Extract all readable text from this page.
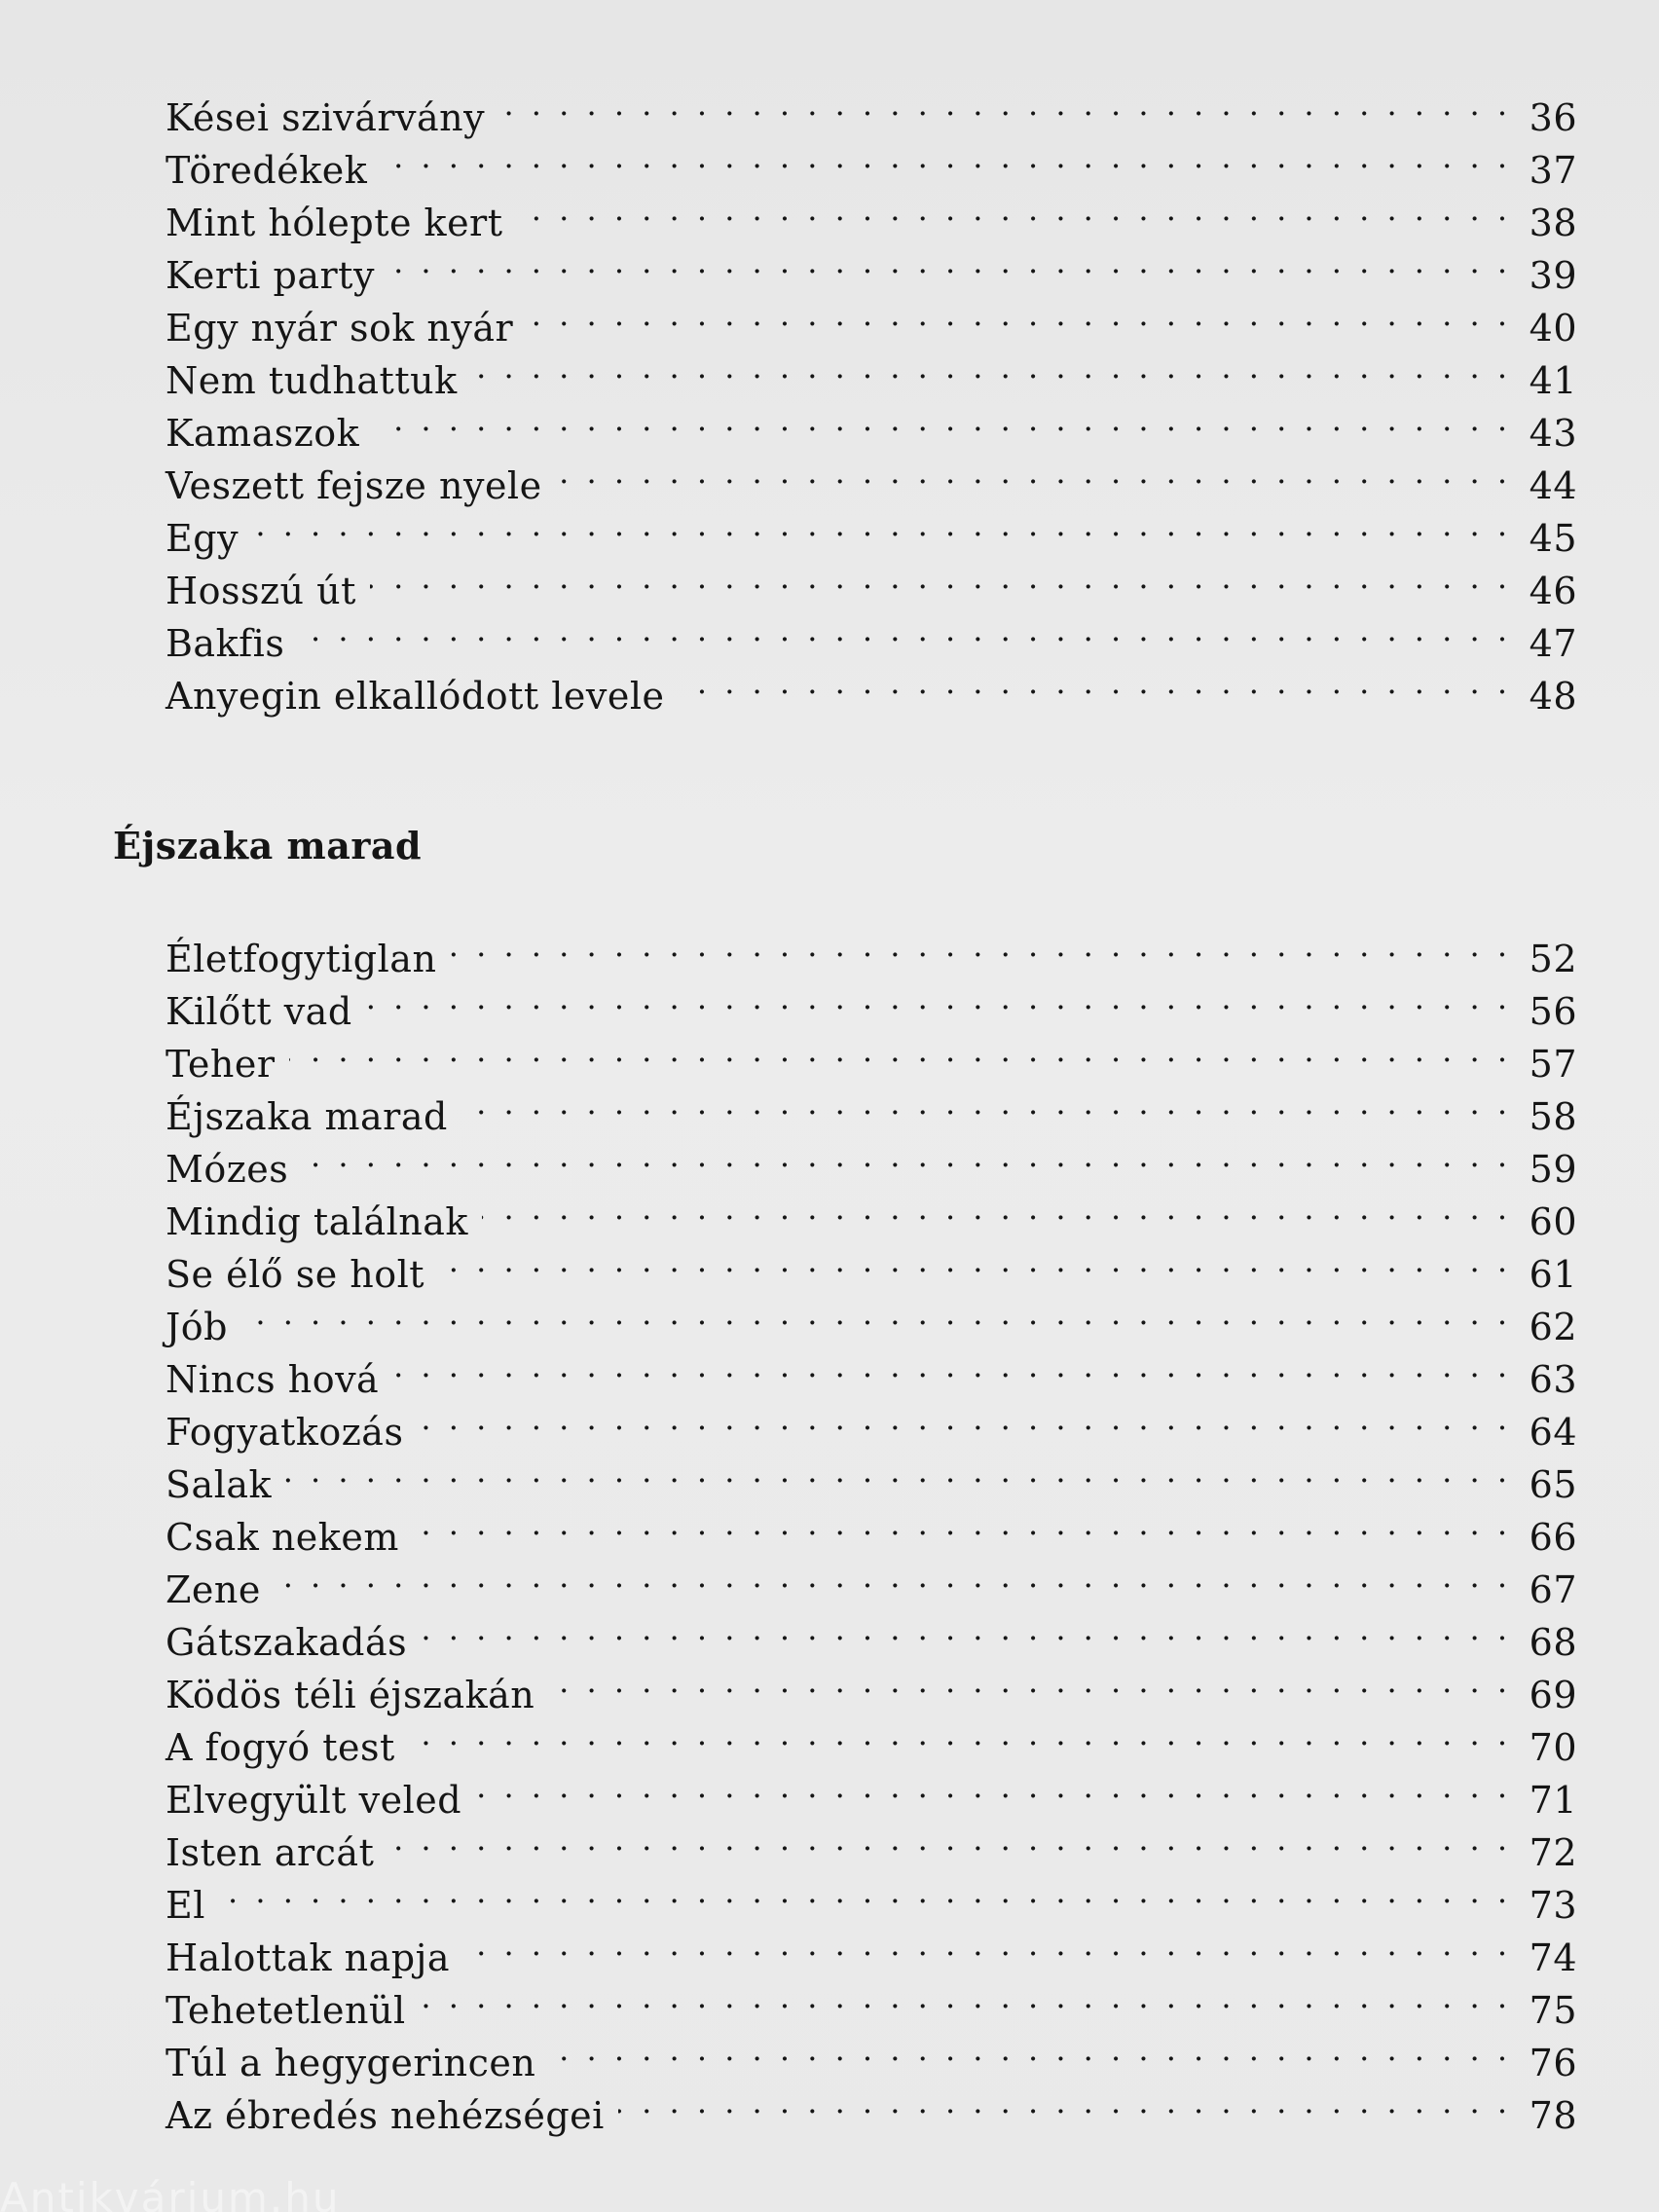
Kései szivárvány . . .	36
Töredékek . . .	37
Mint hólepte kert . . .	38
Kerti party . . .	39
Egy nyár sok nyár . . .	40
Nem tudhattuk . . .	41
Kamaszok . . .	43
Veszett fejsze nyele . . .	44
Egy . . .	45
Hosszú út . . .	46
Bakfis . . .	47
Anyegin elkallódott levele . . .	48
Éjszaka marad
Életfogytiglan . . .	52
Kilőtt vad . . .	56
Teher . . .	57
Éjszaka marad . . .	58
Mózes . . .	59
Mindig találnak . . .	60
Se élő se holt . . .	61
Jób . . .	62
Nincs hová . . .	63
Fogyatkozás . . .	64
Salak . . .	65
Csak nekem . . .	66
Zene . . .	67
Gátszakadás . . .	68
Ködös téli éjszakán . . .	69
A fogyó test . . .	70
Elvegyült veled . . .	71
Isten arcát . . .	72
El . . .	73
Halottak napja . . .	74
Tehetetlenül . . .	75
Túl a hegygerincen . . .	76
Az ébredés nehézségei . . .	78
Antikvárium.hu
